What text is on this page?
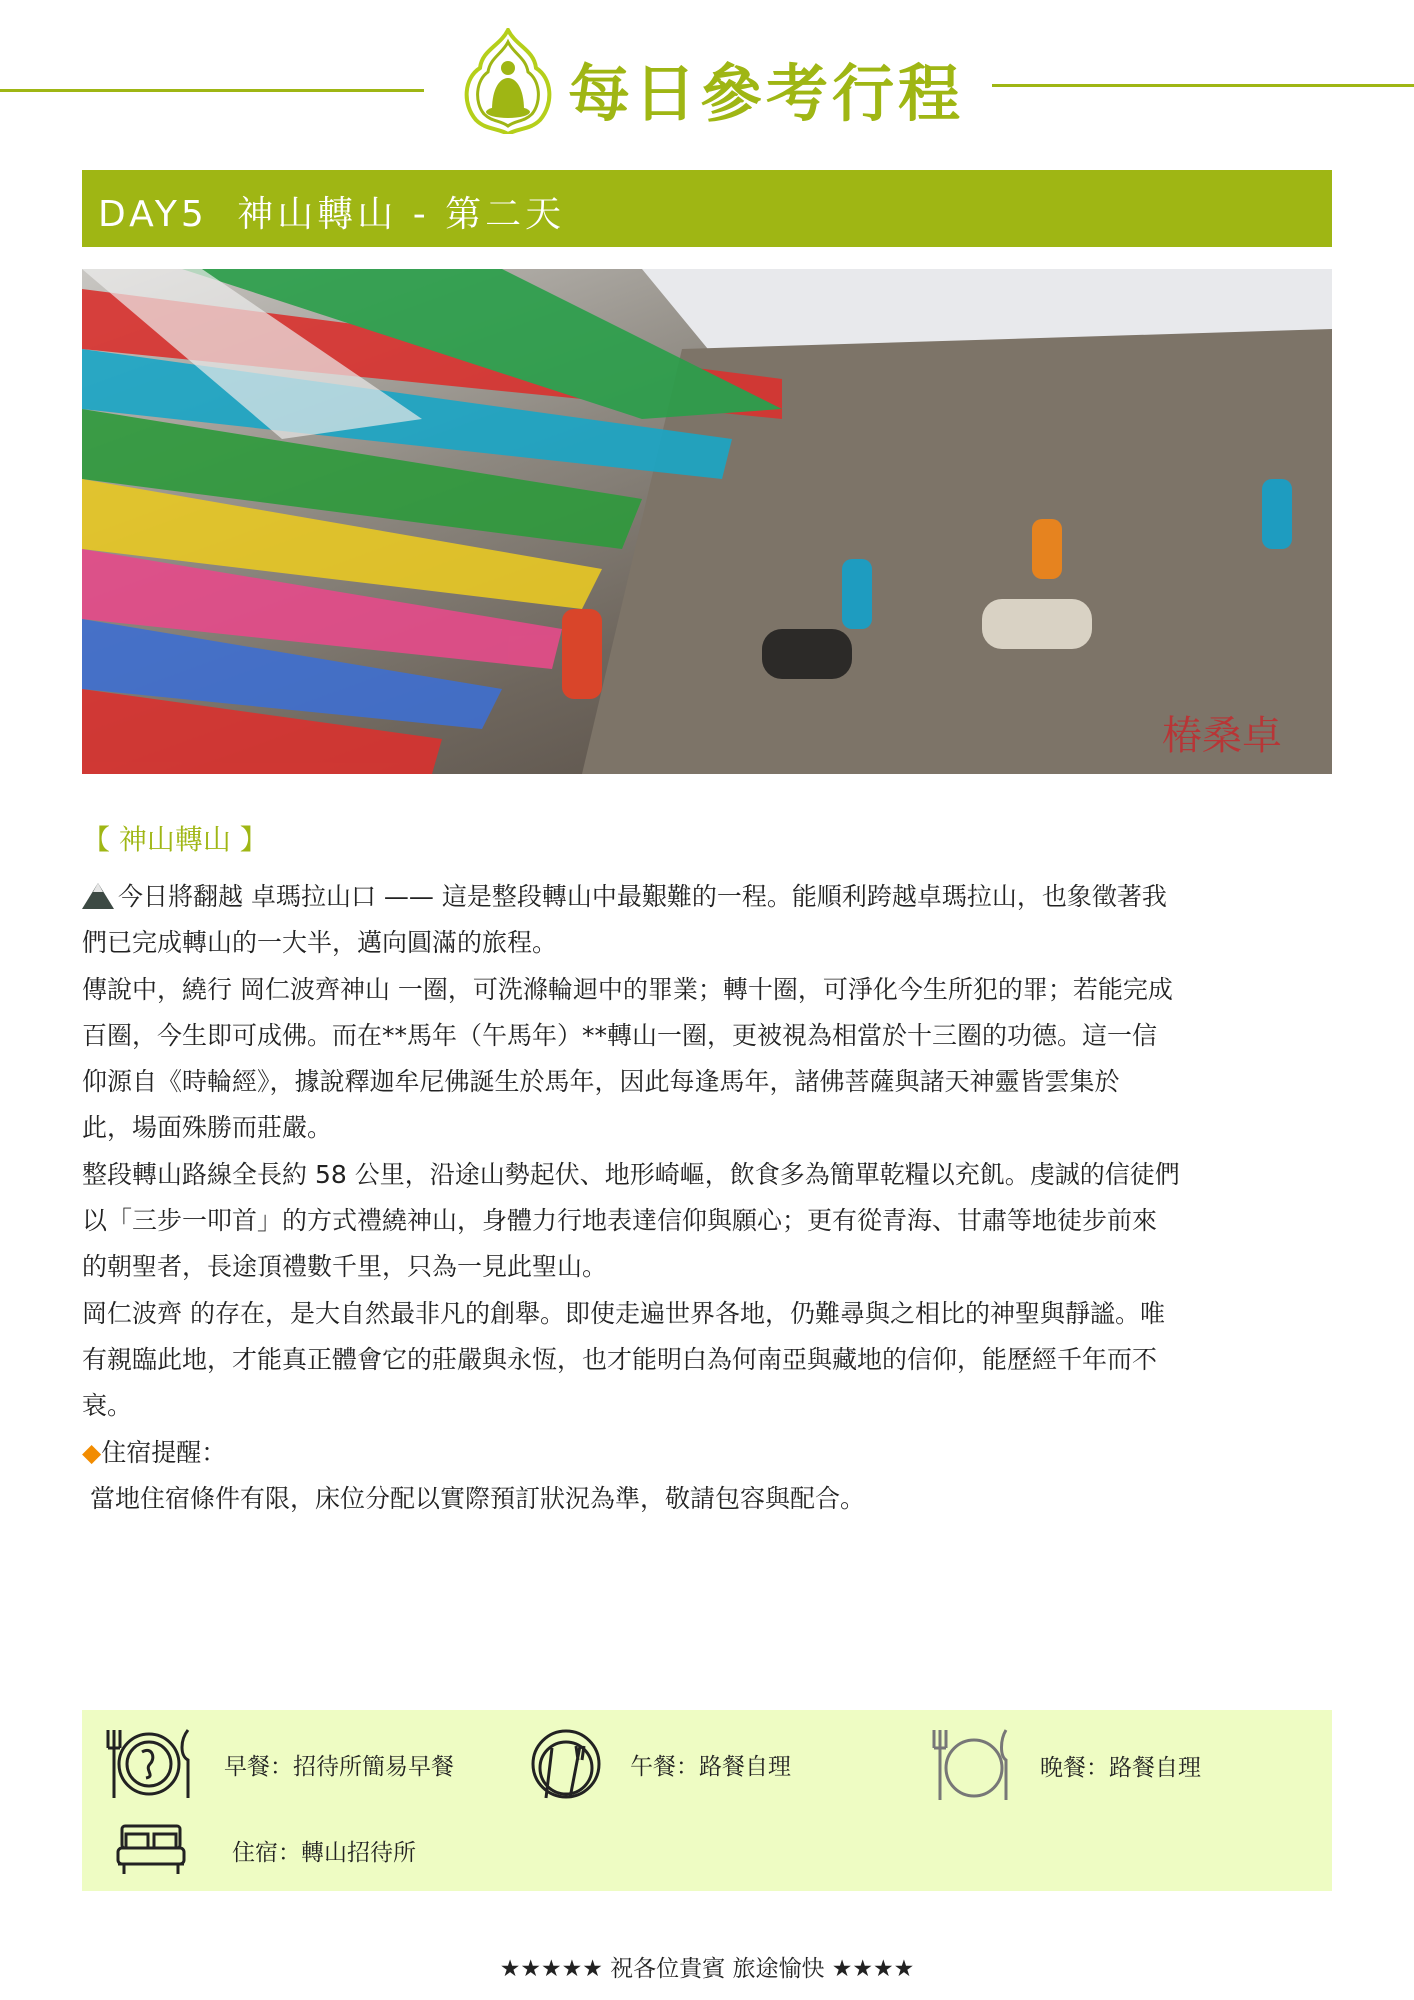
每日參考行程
DAY5 神山轉山 - 第二天
椿桑卓
【 神山轉山 】

今日將翻越 卓瑪拉山口 —— 這是整段轉山中最艱難的一程。能順利跨越卓瑪拉山，也象徵著我

們已完成轉山的一大半，邁向圓滿的旅程。

傳說中，繞行 岡仁波齊神山 一圈，可洗滌輪迴中的罪業；轉十圈，可淨化今生所犯的罪；若能完成

百圈，今生即可成佛。而在**馬年（午馬年）**轉山一圈，更被視為相當於十三圈的功德。這一信

仰源自《時輪經》，據說釋迦牟尼佛誕生於馬年，因此每逢馬年，諸佛菩薩與諸天神靈皆雲集於

此，場面殊勝而莊嚴。

整段轉山路線全長約 58 公里，沿途山勢起伏、地形崎嶇，飲食多為簡單乾糧以充飢。虔誠的信徒們

以「三步一叩首」的方式禮繞神山，身體力行地表達信仰與願心；更有從青海、甘肅等地徒步前來

的朝聖者，長途頂禮數千里，只為一見此聖山。

岡仁波齊 的存在，是大自然最非凡的創舉。即使走遍世界各地，仍難尋與之相比的神聖與靜謐。唯

有親臨此地，才能真正體會它的莊嚴與永恆，也才能明白為何南亞與藏地的信仰，能歷經千年而不

衰。

◆住宿提醒：

當地住宿條件有限，床位分配以實際預訂狀況為準，敬請包容與配合。

早餐：招待所簡易早餐	午餐：路餐自理	晚餐：路餐自理
住宿：轉山招待所
★★★★★ 祝各位貴賓 旅途愉快 ★★★★
